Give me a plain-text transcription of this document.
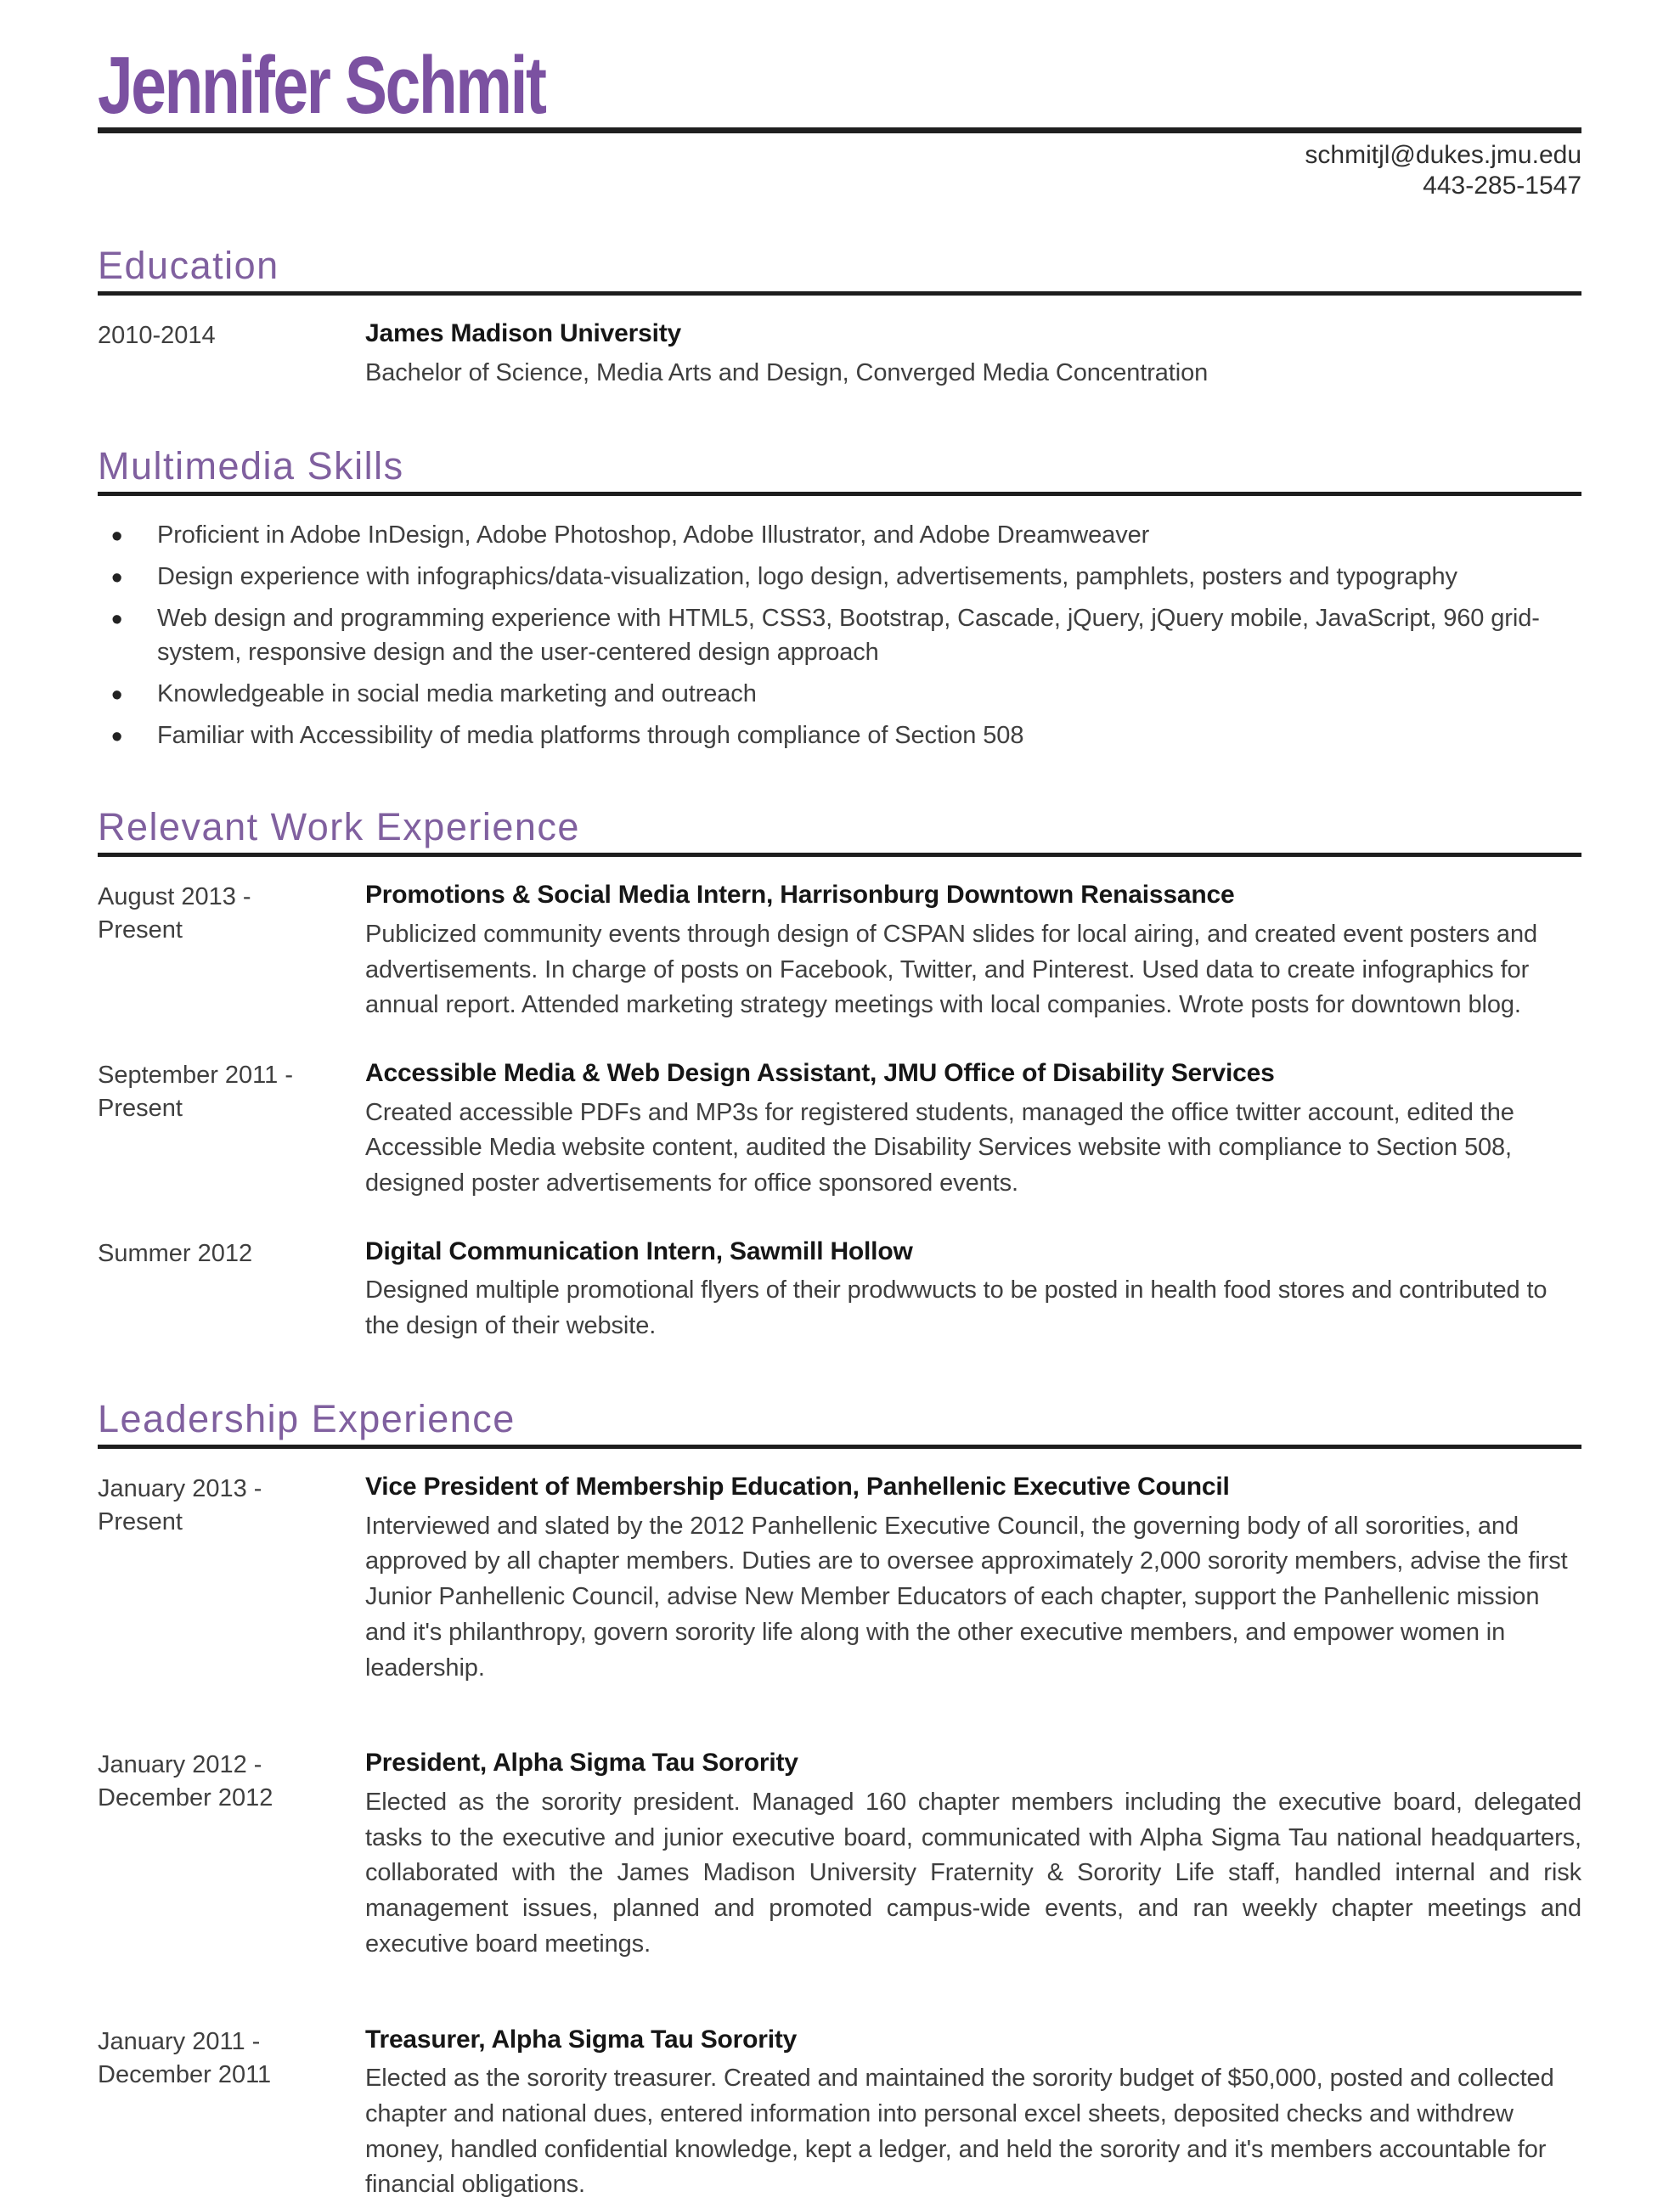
Jennifer Schmit
schmitjl@dukes.jmu.edu
443-285-1547
Education
2010-2014	James Madison University
Bachelor of Science, Media Arts and Design, Converged Media Concentration
Multimedia Skills
• Proficient in Adobe InDesign, Adobe Photoshop, Adobe Illustrator, and Adobe Dreamweaver
• Design experience with infographics/data-visualization, logo design, advertisements, pamphlets, posters and typography
• Web design and programming experience with HTML5, CSS3, Bootstrap, Cascade, jQuery, jQuery mobile, JavaScript, 960 grid-system, responsive design and the user-centered design approach
• Knowledgeable in social media marketing and outreach
• Familiar with Accessibility of media platforms through compliance of Section 508
Relevant Work Experience
August 2013 -
Present
Promotions & Social Media Intern, Harrisonburg Downtown Renaissance
Publicized community events through design of CSPAN slides for local airing, and created event posters and advertisements. In charge of posts on Facebook, Twitter, and Pinterest. Used data to create infographics for annual report. Attended marketing strategy meetings with local companies. Wrote posts for downtown blog.
September 2011 -
Present
Accessible Media & Web Design Assistant, JMU Office of Disability Services
Created accessible PDFs and MP3s for registered students, managed the office twitter account, edited the Accessible Media website content, audited the Disability Services website with compliance to Section 508, designed poster advertisements for office sponsored events.
Summer 2012	Digital Communication Intern, Sawmill Hollow
Designed multiple promotional flyers of their prodwwucts to be posted in health food stores and contributed to the design of their website.
Leadership Experience
January 2013 -
Present
Vice President of Membership Education, Panhellenic Executive Council
Interviewed and slated by the 2012 Panhellenic Executive Council, the governing body of all sororities, and approved by all chapter members. Duties are to oversee approximately 2,000 sorority members, advise the first Junior Panhellenic Council, advise New Member Educators of each chapter, support the Panhellenic mission and it's philanthropy, govern sorority life along with the other executive members, and empower women in leadership.
January 2012 -
December 2012
President, Alpha Sigma Tau Sorority
Elected as the sorority president. Managed 160 chapter members including the executive board, delegated tasks to the executive and junior executive board, communicated with Alpha Sigma Tau national headquarters, collaborated with the James Madison University Fraternity & Sorority Life staff, handled internal and risk management issues, planned and promoted campus-wide events, and ran weekly chapter meetings and executive board meetings.
January 2011 -
December 2011
Treasurer, Alpha Sigma Tau Sorority
Elected as the sorority treasurer. Created and maintained the sorority budget of $50,000, posted and collected chapter and national dues, entered information into personal excel sheets, deposited checks and withdrew money, handled confidential knowledge, kept a ledger, and held the sorority and it's members accountable for financial obligations.
